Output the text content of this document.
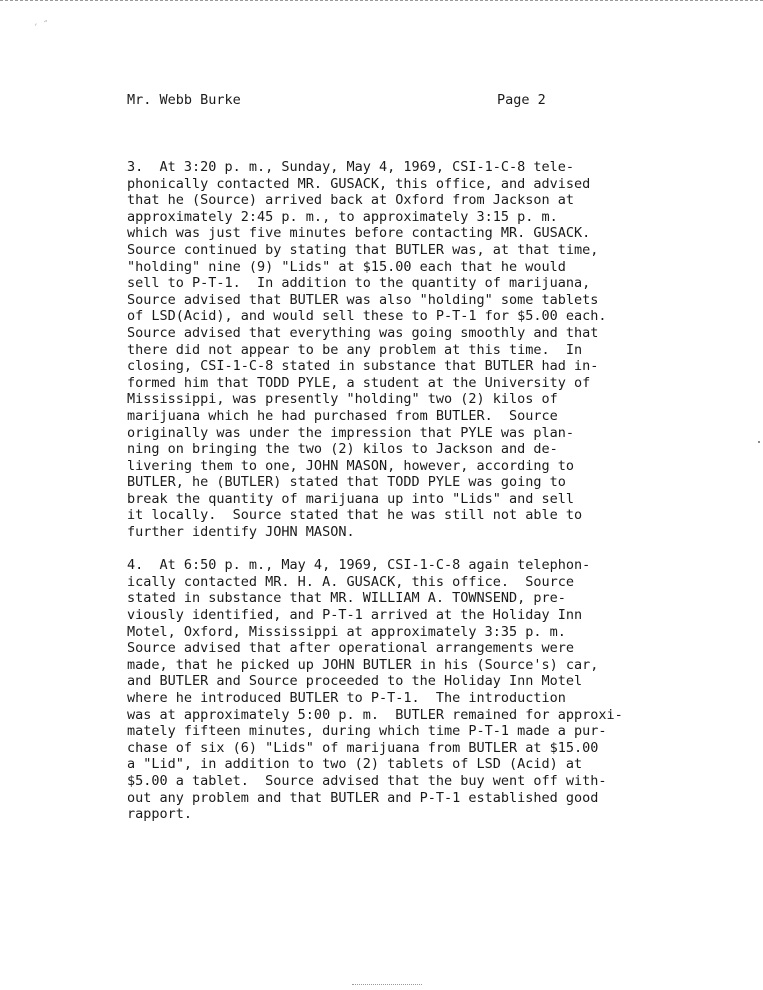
´ ˜
Mr. Webb Burke	Page 2
3.  At 3:20 p. m., Sunday, May 4, 1969, CSI-1-C-8 tele-
phonically contacted MR. GUSACK, this office, and advised
that he (Source) arrived back at Oxford from Jackson at
approximately 2:45 p. m., to approximately 3:15 p. m.
which was just five minutes before contacting MR. GUSACK.
Source continued by stating that BUTLER was, at that time,
"holding" nine (9) "Lids" at $15.00 each that he would
sell to P-T-1.  In addition to the quantity of marijuana,
Source advised that BUTLER was also "holding" some tablets
of LSD(Acid), and would sell these to P-T-1 for $5.00 each.
Source advised that everything was going smoothly and that
there did not appear to be any problem at this time.  In
closing, CSI-1-C-8 stated in substance that BUTLER had in-
formed him that TODD PYLE, a student at the University of
Mississippi, was presently "holding" two (2) kilos of
marijuana which he had purchased from BUTLER.  Source
originally was under the impression that PYLE was plan-
ning on bringing the two (2) kilos to Jackson and de-
livering them to one, JOHN MASON, however, according to
BUTLER, he (BUTLER) stated that TODD PYLE was going to
break the quantity of marijuana up into "Lids" and sell
it locally.  Source stated that he was still not able to
further identify JOHN MASON.
4.  At 6:50 p. m., May 4, 1969, CSI-1-C-8 again telephon-
ically contacted MR. H. A. GUSACK, this office.  Source
stated in substance that MR. WILLIAM A. TOWNSEND, pre-
viously identified, and P-T-1 arrived at the Holiday Inn
Motel, Oxford, Mississippi at approximately 3:35 p. m.
Source advised that after operational arrangements were
made, that he picked up JOHN BUTLER in his (Source's) car,
and BUTLER and Source proceeded to the Holiday Inn Motel
where he introduced BUTLER to P-T-1.  The introduction
was at approximately 5:00 p. m.  BUTLER remained for approxi-
mately fifteen minutes, during which time P-T-1 made a pur-
chase of six (6) "Lids" of marijuana from BUTLER at $15.00
a "Lid", in addition to two (2) tablets of LSD (Acid) at
$5.00 a tablet.  Source advised that the buy went off with-
out any problem and that BUTLER and P-T-1 established good
rapport.
